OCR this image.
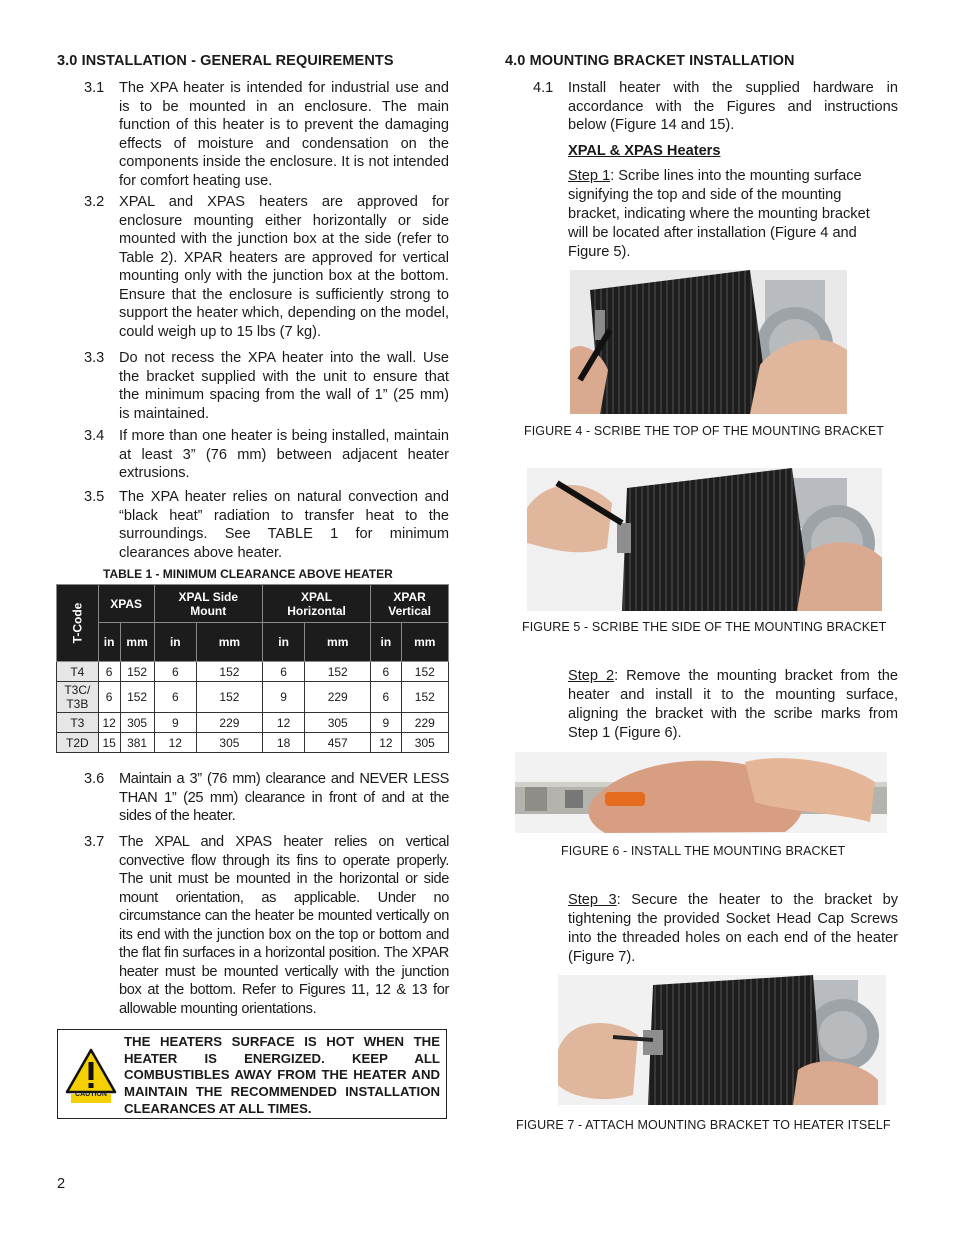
3.0 INSTALLATION - GENERAL REQUIREMENTS
3.1 The XPA heater is intended for industrial use and is to be mounted in an enclosure. The main function of this heater is to prevent the damaging effects of moisture and condensation on the components inside the enclosure. It is not intended for comfort heating use.
3.2 XPAL and XPAS heaters are approved for enclosure mounting either horizontally or side mounted with the junction box at the side (refer to Table 2). XPAR heaters are approved for vertical mounting only with the junction box at the bottom. Ensure that the enclosure is sufficiently strong to support the heater which, depending on the model, could weigh up to 15 lbs (7 kg).
3.3 Do not recess the XPA heater into the wall. Use the bracket supplied with the unit to ensure that the minimum spacing from the wall of 1” (25 mm) is maintained.
3.4 If more than one heater is being installed, maintain at least 3” (76 mm) between adjacent heater extrusions.
3.5 The XPA heater relies on natural convection and “black heat” radiation to transfer heat to the surroundings. See TABLE 1 for minimum clearances above heater.
TABLE 1 - MINIMUM CLEARANCE ABOVE HEATER
T-Code	XPAS		XPAL Side Mount		XPAL Horizontal		XPAR Vertical	

	in	mm	in	mm	in	mm	in	mm
T4	6	152	6	152	6	152	6	152
T3C/ T3B	6	152	6	152	9	229	6	152
T3	12	305	9	229	12	305	9	229
T2D	15	381	12	305	18	457	12	305
3.6 Maintain a 3” (76 mm) clearance and NEVER LESS THAN 1” (25 mm) clearance in front of and at the sides of the heater.
3.7 The XPAL and XPAS heater relies on vertical convective flow through its fins to operate properly. The unit must be mounted in the horizontal or side mount orientation, as applicable. Under no circumstance can the heater be mounted vertically on its end with the junction box on the top or bottom and the flat fin surfaces in a horizontal position. The XPAR heater must be mounted vertically with the junction box at the bottom. Refer to Figures 11, 12 & 13 for allowable mounting orientations.
CAUTION
THE HEATERS SURFACE IS HOT WHEN THE HEATER IS ENERGIZED. KEEP ALL COMBUSTIBLES AWAY FROM THE HEATER AND MAINTAIN THE RECOMMENDED INSTALLATION CLEARANCES AT ALL TIMES.
2
4.0 MOUNTING BRACKET INSTALLATION
4.1 Install heater with the supplied hardware in accordance with the Figures and instructions below (Figure 14 and 15).
XPAL & XPAS Heaters
Step 1: Scribe lines into the mounting surface signifying the top and side of the mounting bracket, indicating where the mounting bracket will be located after installation (Figure 4 and Figure 5).
FIGURE 4 - SCRIBE THE TOP OF THE MOUNTING BRACKET
FIGURE 5 - SCRIBE THE SIDE OF THE MOUNTING BRACKET
Step 2: Remove the mounting bracket from the heater and install it to the mounting surface, aligning the bracket with the scribe marks from Step 1 (Figure 6).
FIGURE 6 - INSTALL THE MOUNTING BRACKET
Step 3: Secure the heater to the bracket by tightening the provided Socket Head Cap Screws into the threaded holes on each end of the heater (Figure 7).
FIGURE 7 - ATTACH MOUNTING BRACKET TO HEATER ITSELF
